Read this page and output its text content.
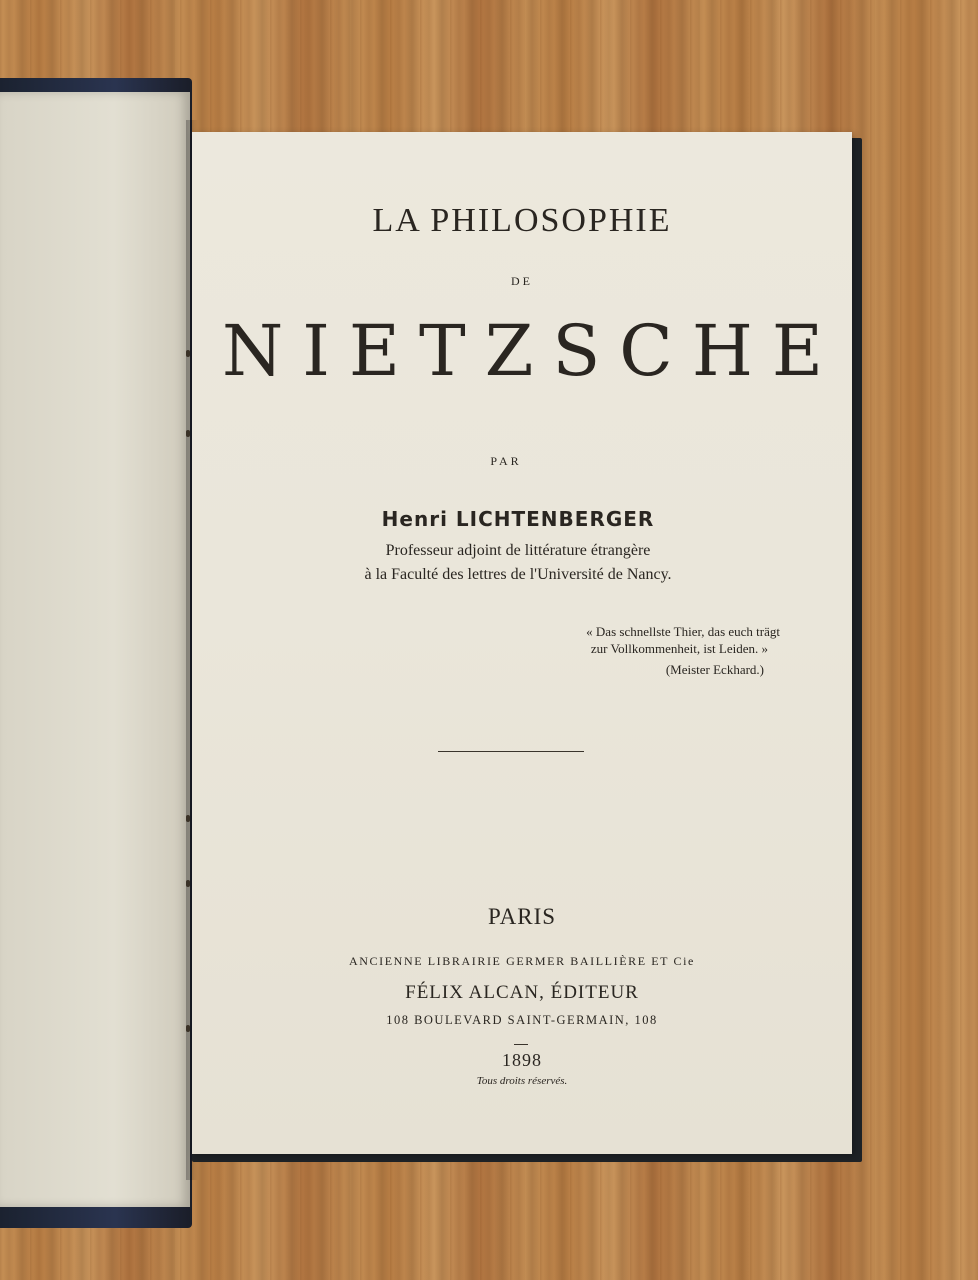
LA PHILOSOPHIE
DE
NIETZSCHE
PAR
Henri LICHTENBERGER
Professeur adjoint de littérature étrangère
à la Faculté des lettres de l'Université de Nancy.
« Das schnellste Thier, das euch trägt
zur Vollkommenheit, ist Leiden. »
(Meister Eckhard.)
PARIS
ANCIENNE LIBRAIRIE GERMER BAILLIÈRE ET Cie
FÉLIX ALCAN, ÉDITEUR
108 BOULEVARD SAINT-GERMAIN, 108
1898
Tous droits réservés.
